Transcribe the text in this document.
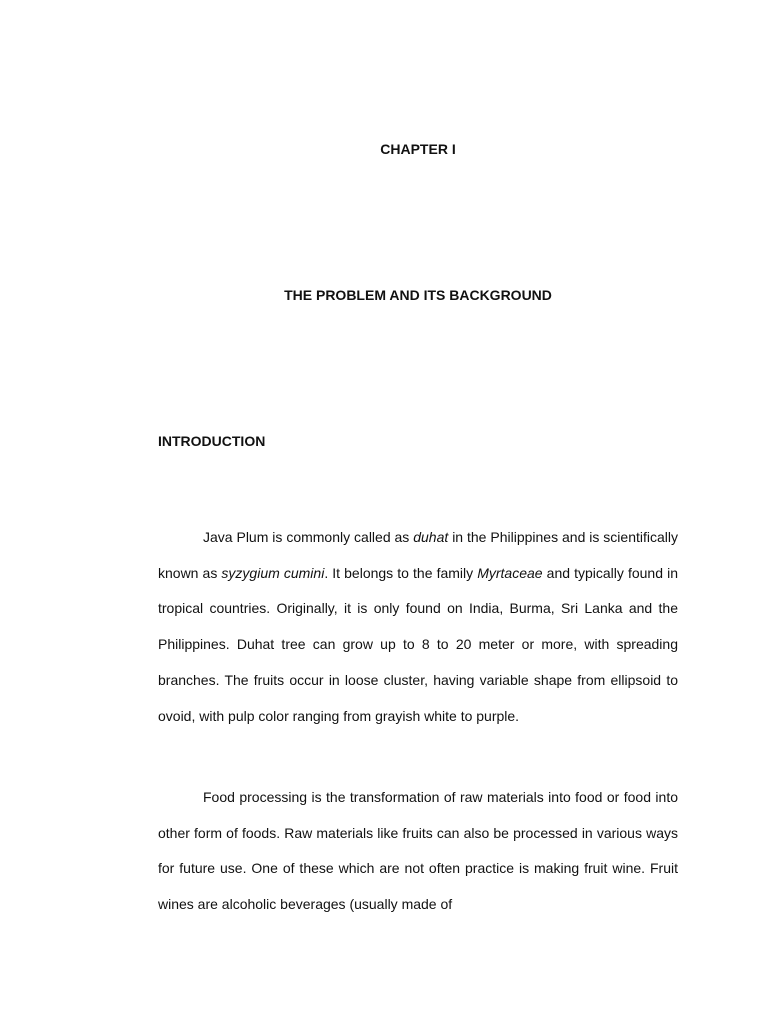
CHAPTER I
THE PROBLEM AND ITS BACKGROUND
INTRODUCTION

Java Plum is commonly called as duhat in the Philippines and is scientifically known as syzygium cumini. It belongs to the family Myrtaceae and typically found in tropical countries. Originally, it is only found on India, Burma, Sri Lanka and the Philippines. Duhat tree can grow up to 8 to 20 meter or more, with spreading branches. The fruits occur in loose cluster, having variable shape from ellipsoid to ovoid, with pulp color ranging from grayish white to purple.

Food processing is the transformation of raw materials into food or food into other form of foods. Raw materials like fruits can also be processed in various ways for future use. One of these which are not often practice is making fruit wine. Fruit wines are alcoholic beverages (usually made of
